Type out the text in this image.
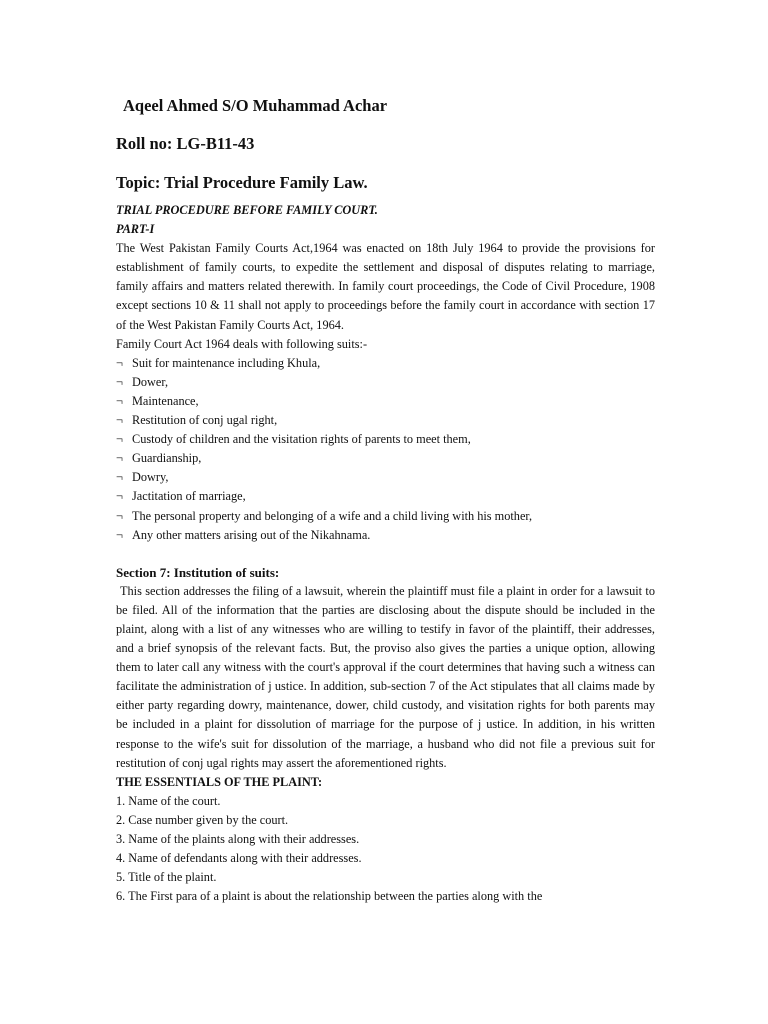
Aqeel Ahmed S/O Muhammad Achar
Roll no: LG-B11-43
Topic: Trial Procedure Family Law.
TRIAL PROCEDURE BEFORE FAMILY COURT.
PART-I
The West Pakistan Family Courts Act,1964 was enacted on 18th July 1964 to provide the provisions for establishment of family courts, to expedite the settlement and disposal of disputes relating to marriage, family affairs and matters related therewith. In family court proceedings, the Code of Civil Procedure, 1908 except sections 10 & 11 shall not apply to proceedings before the family court in accordance with section 17 of the West Pakistan Family Courts Act, 1964.
Family Court Act 1964 deals with following suits:-
¬ Suit for maintenance including Khula,
¬ Dower,
¬ Maintenance,
¬ Restitution of conj ugal right,
¬ Custody of children and the visitation rights of parents to meet them,
¬ Guardianship,
¬ Dowry,
¬ Jactitation of marriage,
¬ The personal property and belonging of a wife and a child living with his mother,
¬ Any other matters arising out of the Nikahnama.
Section 7: Institution of suits:
This section addresses the filing of a lawsuit, wherein the plaintiff must file a plaint in order for a lawsuit to be filed. All of the information that the parties are disclosing about the dispute should be included in the plaint, along with a list of any witnesses who are willing to testify in favor of the plaintiff, their addresses, and a brief synopsis of the relevant facts. But, the proviso also gives the parties a unique option, allowing them to later call any witness with the court's approval if the court determines that having such a witness can facilitate the administration of j ustice. In addition, sub-section 7 of the Act stipulates that all claims made by either party regarding dowry, maintenance, dower, child custody, and visitation rights for both parents may be included in a plaint for dissolution of marriage for the purpose of j ustice. In addition, in his written response to the wife's suit for dissolution of the marriage, a husband who did not file a previous suit for restitution of conj ugal rights may assert the aforementioned rights.
THE ESSENTIALS OF THE PLAINT:
1. Name of the court.
2. Case number given by the court.
3. Name of the plaints along with their addresses.
4. Name of defendants along with their addresses.
5. Title of the plaint.
6. The First para of a plaint is about the relationship between the parties along with the
